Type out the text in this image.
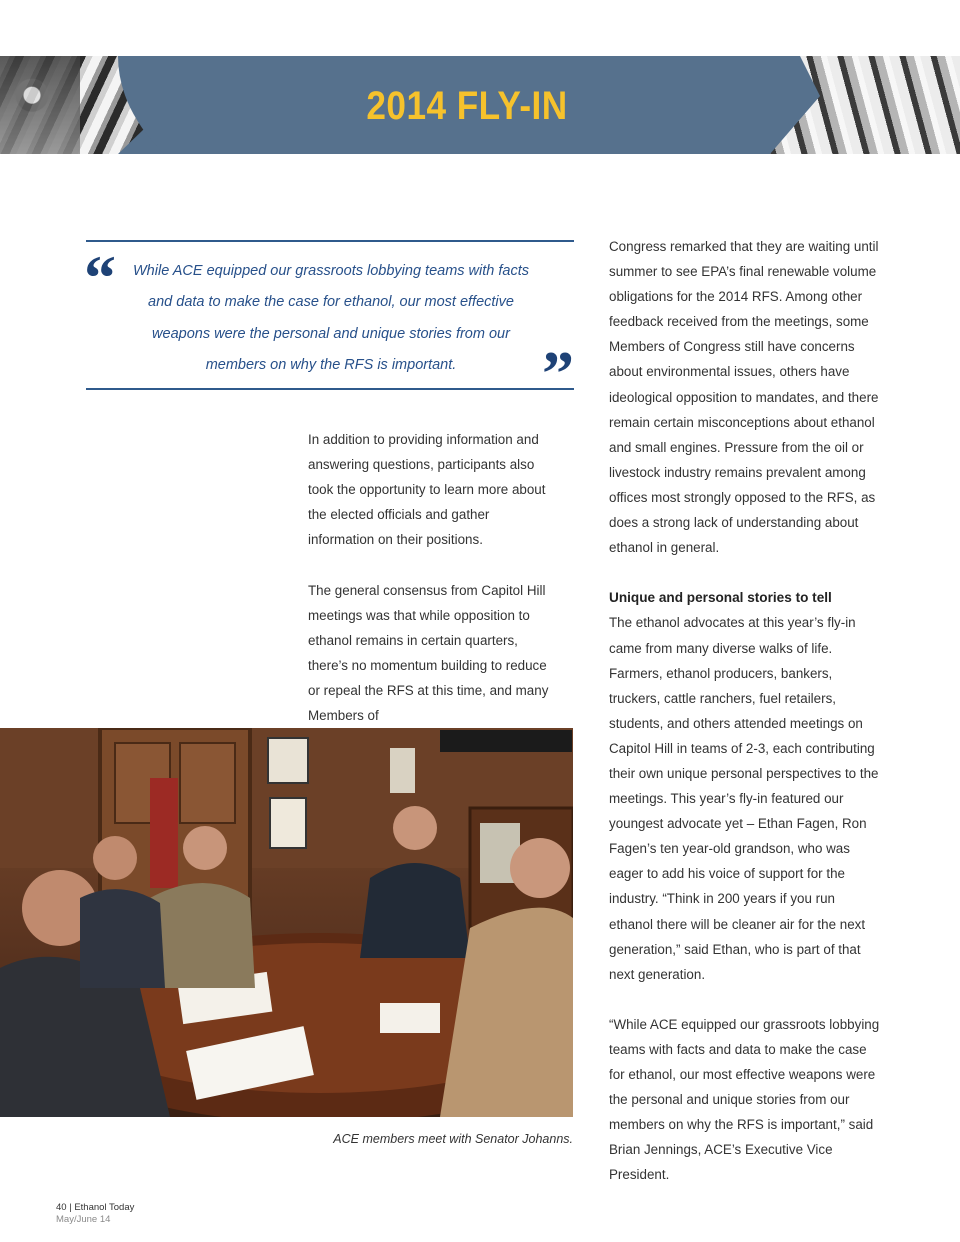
2014 FLY-IN
“	While ACE equipped our grassroots lobbying teams with facts and data to make the case for ethanol, our most effective weapons were the personal and unique stories from our members on why the RFS is important.	”

In addition to providing information and answering questions, participants also took the opportunity to learn more about the elected officials and gather information on their positions.

The general consensus from Capitol Hill meetings was that while opposition to ethanol remains in certain quarters, there’s no momentum building to reduce or repeal the RFS at this time, and many Members of

Congress remarked that they are waiting until summer to see EPA’s final renewable volume obligations for the 2014 RFS. Among other feedback received from the meetings, some Members of Congress still have concerns about environmental issues, others have ideological opposition to mandates, and there remain certain misconceptions about ethanol and small engines. Pressure from the oil or livestock industry remains prevalent among offices most strongly opposed to the RFS, as does a strong lack of understanding about ethanol in general.

Unique and personal stories to tell

The ethanol advocates at this year’s fly-in came from many diverse walks of life. Farmers, ethanol producers, bankers, truckers, cattle ranchers, fuel retailers, students, and others attended meetings on Capitol Hill in teams of 2-3, each contributing their own unique personal perspectives to the meetings. This year’s fly-in featured our youngest advocate yet – Ethan Fagen, Ron Fagen’s ten year-old grandson, who was eager to add his voice of support for the industry. “Think in 200 years if you run ethanol there will be cleaner air for the next generation,” said Ethan, who is part of that next generation.

“While ACE equipped our grassroots lobbying teams with facts and data to make the case for ethanol, our most effective weapons were the personal and unique stories from our members on why the RFS is important,” said Brian Jennings, ACE’s Executive Vice President.

ACE members meet with Senator Johanns.
40 | Ethanol Today
May/June 14
